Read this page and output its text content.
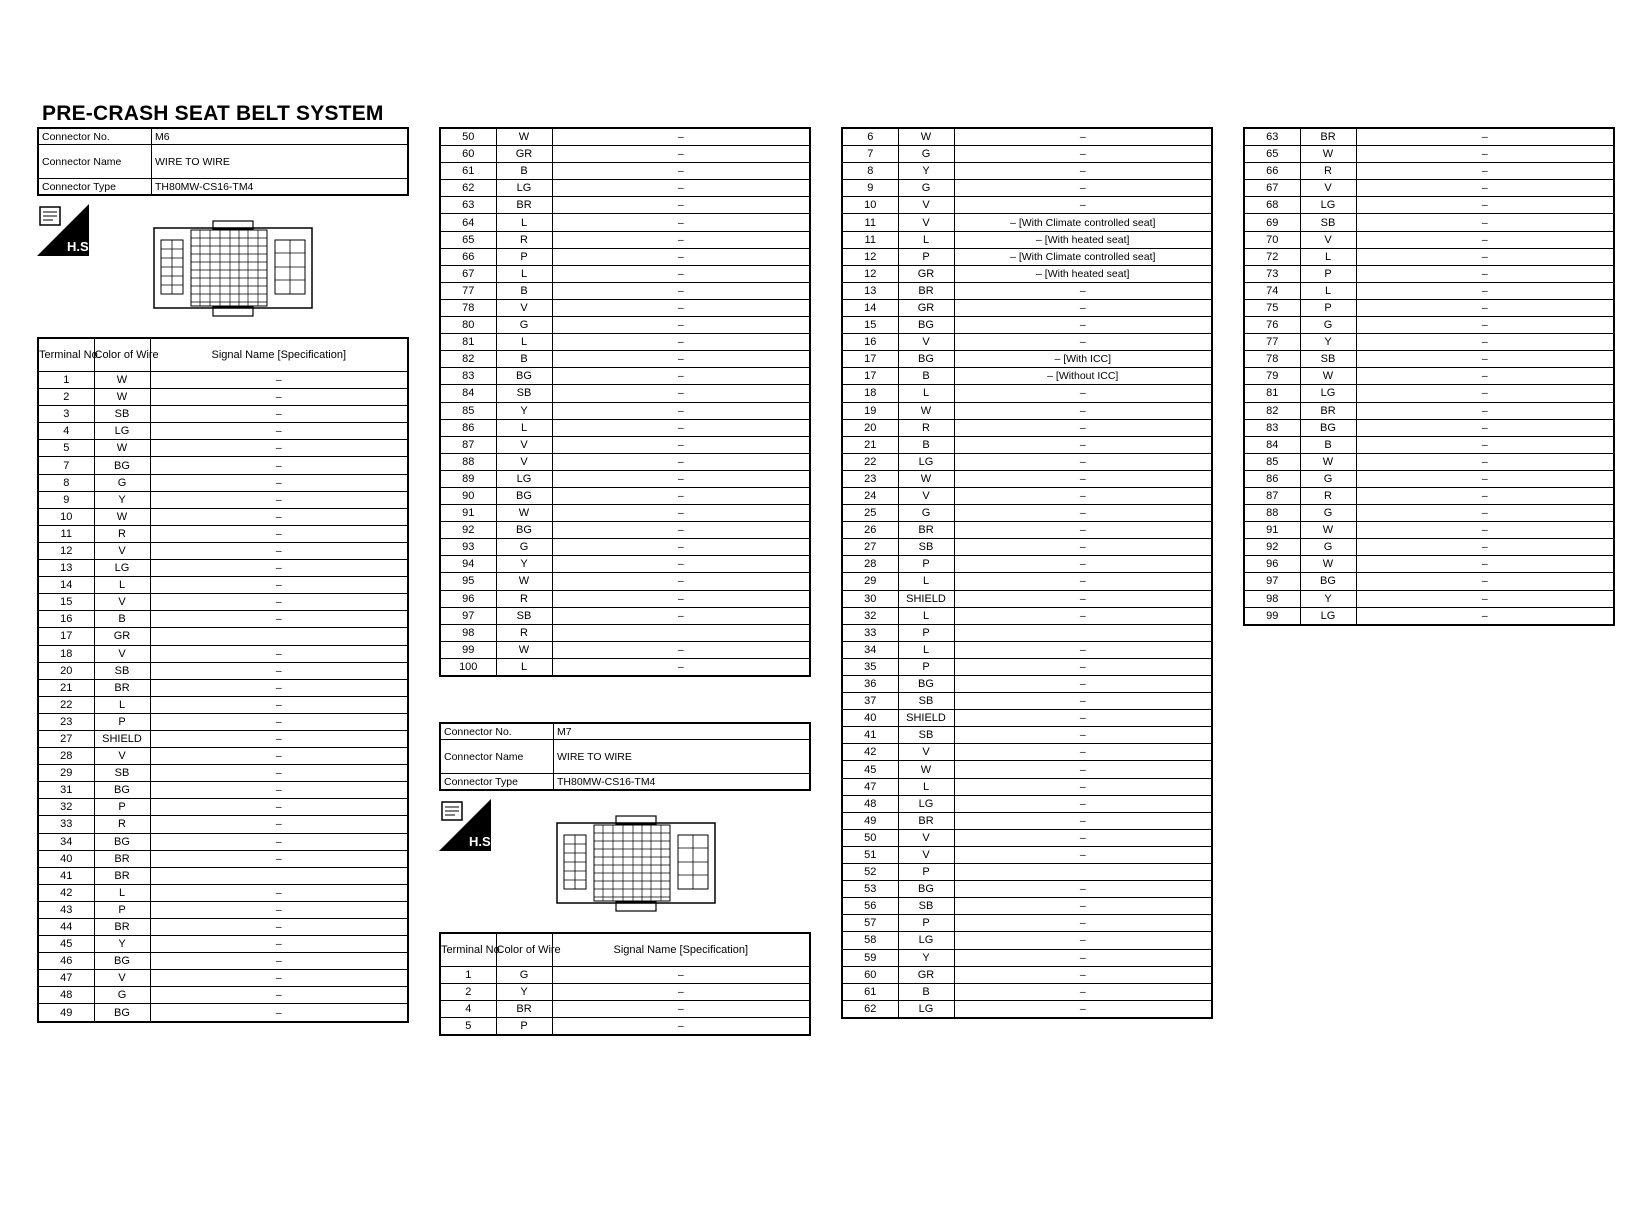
PRE-CRASH SEAT BELT SYSTEM
Connector No.	M6
Connector Name	WIRE TO WIRE
Connector Type	TH80MW-CS16-TM4
H.S.
Terminal No.	Color of Wire	Signal Name [Specification]
1	W	–
2	W	–
3	SB	–
4	LG	–
5	W	–
7	BG	–
8	G	–
9	Y	–
10	W	–
11	R	–
12	V	–
13	LG	–
14	L	–
15	V	–
16	B	–
17	GR	
18	V	–
20	SB	–
21	BR	–
22	L	–
23	P	–
27	SHIELD	–
28	V	–
29	SB	–
31	BG	–
32	P	–
33	R	–
34	BG	–
40	BR	–
41	BR	
42	L	–
43	P	–
44	BR	–
45	Y	–
46	BG	–
47	V	–
48	G	–
49	BG	–
50	W	–
60	GR	–
61	B	–
62	LG	–
63	BR	–
64	L	–
65	R	–
66	P	–
67	L	–
77	B	–
78	V	–
80	G	–
81	L	–
82	B	–
83	BG	–
84	SB	–
85	Y	–
86	L	–
87	V	–
88	V	–
89	LG	–
90	BG	–
91	W	–
92	BG	–
93	G	–
94	Y	–
95	W	–
96	R	–
97	SB	–
98	R	
99	W	–
100	L	–
Connector No.	M7
Connector Name	WIRE TO WIRE
Connector Type	TH80MW-CS16-TM4
H.S.
Terminal No.	Color of Wire	Signal Name [Specification]
1	G	–
2	Y	–
4	BR	–
5	P	–
6	W	–
7	G	–
8	Y	–
9	G	–
10	V	–
11	V	– [With Climate controlled seat]
11	L	– [With heated seat]
12	P	– [With Climate controlled seat]
12	GR	– [With heated seat]
13	BR	–
14	GR	–
15	BG	–
16	V	–
17	BG	– [With ICC]
17	B	– [Without ICC]
18	L	–
19	W	–
20	R	–
21	B	–
22	LG	–
23	W	–
24	V	–
25	G	–
26	BR	–
27	SB	–
28	P	–
29	L	–
30	SHIELD	–
32	L	–
33	P	
34	L	–
35	P	–
36	BG	–
37	SB	–
40	SHIELD	–
41	SB	–
42	V	–
45	W	–
47	L	–
48	LG	–
49	BR	–
50	V	–
51	V	–
52	P	
53	BG	–
56	SB	–
57	P	–
58	LG	–
59	Y	–
60	GR	–
61	B	–
62	LG	–
63	BR	–
65	W	–
66	R	–
67	V	–
68	LG	–
69	SB	–
70	V	–
72	L	–
73	P	–
74	L	–
75	P	–
76	G	–
77	Y	–
78	SB	–
79	W	–
81	LG	–
82	BR	–
83	BG	–
84	B	–
85	W	–
86	G	–
87	R	–
88	G	–
91	W	–
92	G	–
96	W	–
97	BG	–
98	Y	–
99	LG	–
